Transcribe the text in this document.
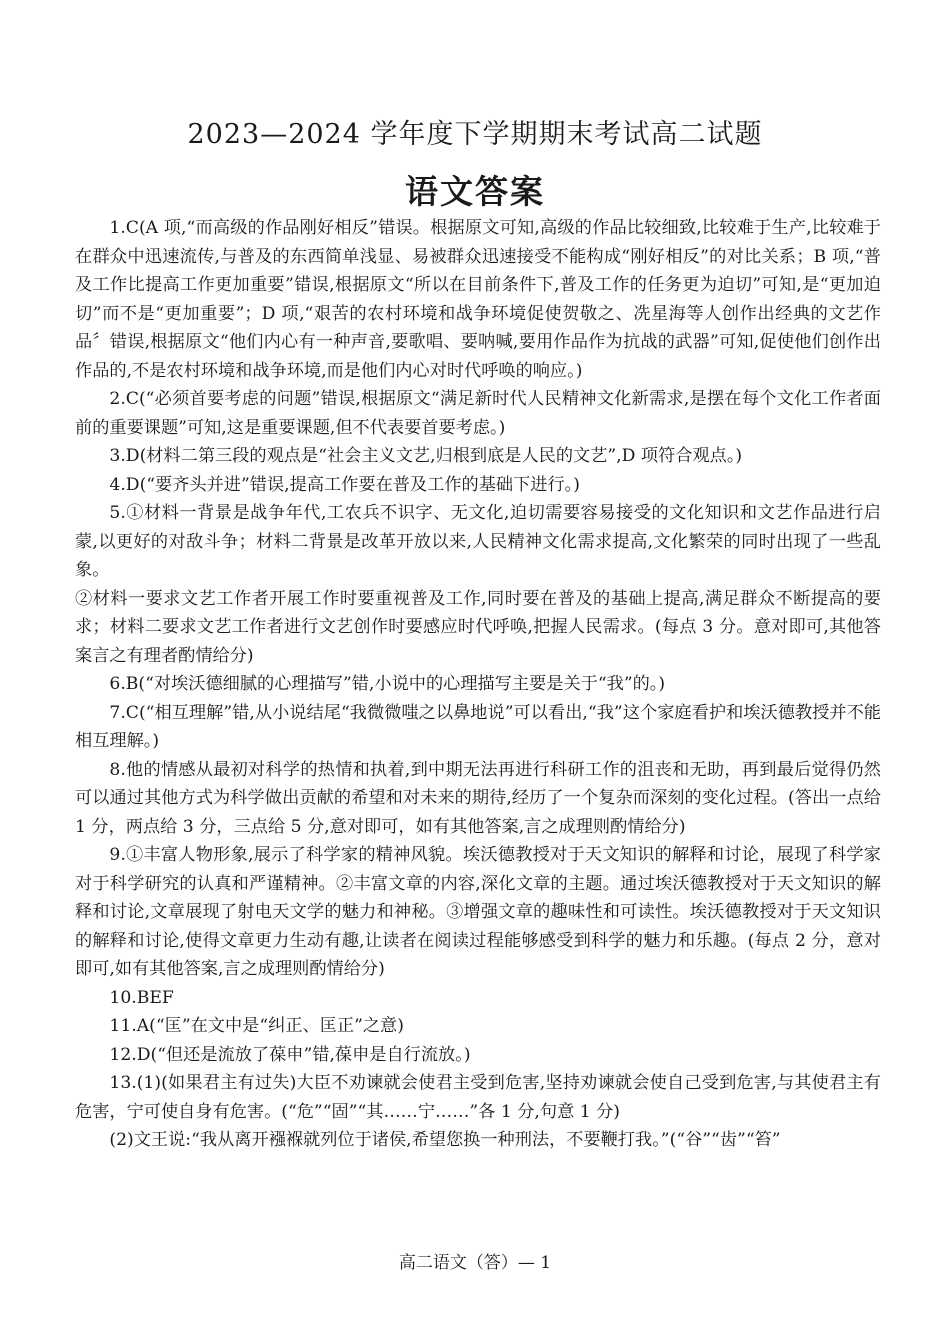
2023—2024 学年度下学期期末考试高二试题
语文答案

1.C(A 项,“而高级的作品刚好相反”错误。根据原文可知,高级的作品比较细致,比较难于生产,比较难于在群众中迅速流传,与普及的东西简单浅显、易被群众迅速接受不能构成“刚好相反”的对比关系；B 项,“普及工作比提高工作更加重要”错误,根据原文“所以在目前条件下,普及工作的任务更为迫切”可知,是“更加迫切”而不是“更加重要”；D 项,“艰苦的农村环境和战争环境促使贺敬之、冼星海等人创作出经典的文艺作品〞错误,根据原文“他们内心有一种声音,要歌唱、要呐喊,要用作品作为抗战的武器”可知,促使他们创作出作品的,不是农村环境和战争环境,而是他们内心对时代呼唤的响应。)

2.C(“必须首要考虑的问题”错误,根据原文“满足新时代人民精神文化新需求,是摆在每个文化工作者面前的重要课题”可知,这是重要课题,但不代表要首要考虑。)

3.D(材料二第三段的观点是“社会主义文艺,归根到底是人民的文艺”,D 项符合观点。)

4.D(“要齐头并进”错误,提高工作要在普及工作的基础下进行。)

5.①材料一背景是战争年代,工农兵不识字、无文化,迫切需要容易接受的文化知识和文艺作品进行启蒙,以更好的对敌斗争；材料二背景是改革开放以来,人民精神文化需求提高,文化繁荣的同时出现了一些乱象。

②材料一要求文艺工作者开展工作时要重视普及工作,同时要在普及的基础上提高,满足群众不断提高的要求；材料二要求文艺工作者进行文艺创作时要感应时代呼唤,把握人民需求。(每点 3 分。意对即可,其他答案言之有理者酌情给分)

6.B(“对埃沃德细腻的心理描写”错,小说中的心理描写主要是关于“我”的。)

7.C(“相互理解”错,从小说结尾“我微微嗤之以鼻地说”可以看出,“我”这个家庭看护和埃沃德教授并不能相互理解。)

8.他的情感从最初对科学的热情和执着,到中期无法再进行科研工作的沮丧和无助，再到最后觉得仍然可以通过其他方式为科学做出贡献的希望和对未来的期待,经历了一个复杂而深刻的变化过程。(答出一点给 1 分，两点给 3 分，三点给 5 分,意对即可，如有其他答案,言之成理则酌情给分)

9.①丰富人物形象,展示了科学家的精神风貌。埃沃德教授对于天文知识的解释和讨论，展现了科学家对于科学研究的认真和严谨精神。②丰富文章的内容,深化文章的主题。通过埃沃德教授对于天文知识的解释和讨论,文章展现了射电天文学的魅力和神秘。③增强文章的趣味性和可读性。埃沃德教授对于天文知识的解释和讨论,使得文章更力生动有趣,让读者在阅读过程能够感受到科学的魅力和乐趣。(每点 2 分，意对即可,如有其他答案,言之成理则酌情给分)

10.BEF

11.A(“匡”在文中是“纠正、匡正”之意)

12.D(“但还是流放了葆申”错,葆申是自行流放。)

13.(1)(如果君主有过失)大臣不劝谏就会使君主受到危害,坚持劝谏就会使自己受到危害,与其使君主有危害，宁可使自身有危害。(“危”“固”“其……宁……”各 1 分,句意 1 分)

(2)文王说:“我从离开襁褓就列位于诸侯,希望您换一种刑法，不要鞭打我。”(“谷”“齿”“笞”

高二语文（答）— 1
